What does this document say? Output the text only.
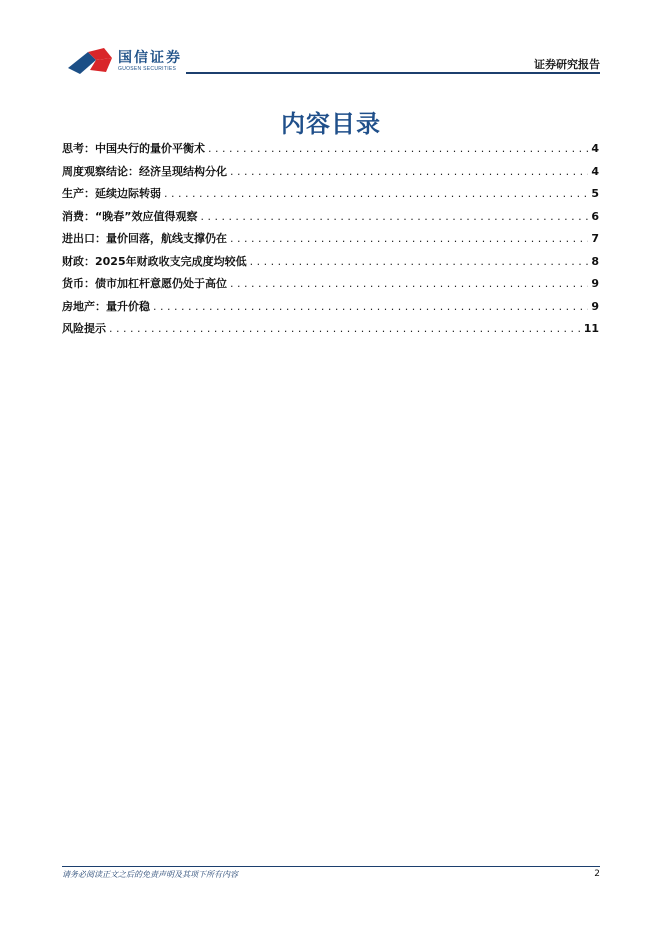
国信证券
GUOSEN SECURITIES	证券研究报告
内容目录
思考：中国央行的量价平衡术 . . .	4
周度观察结论：经济呈现结构分化 . . .	4
生产：延续边际转弱 . . .	5
消费：“晚春”效应值得观察 . . .	6
进出口：量价回落，航线支撑仍在 . . .	7
财政：2025年财政收支完成度均较低 . . .	8
货币：债市加杠杆意愿仍处于高位 . . .	9
房地产：量升价稳 . . .	9
风险提示 . . .	11
请务必阅读正文之后的免责声明及其项下所有内容	2
